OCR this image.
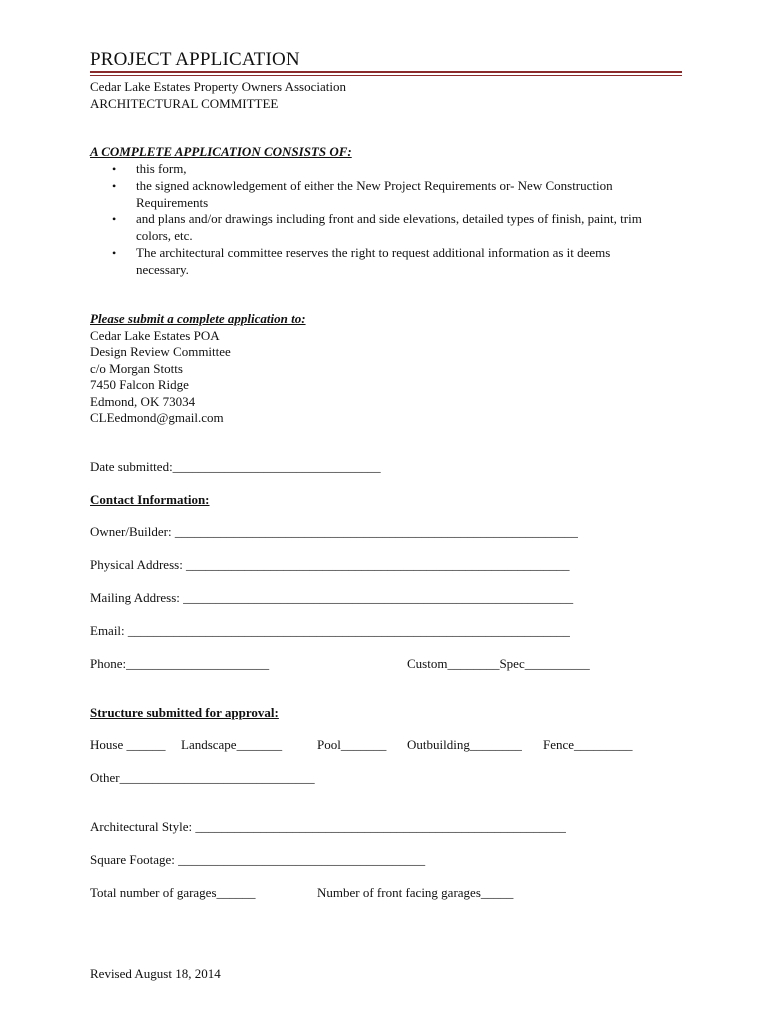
PROJECT APPLICATION
Cedar Lake Estates Property Owners Association
ARCHITECTURAL COMMITTEE
A COMPLETE APPLICATION CONSISTS OF:
• this form,
• the signed acknowledgement of either the New Project Requirements or- New Construction
Requirements
• and plans and/or drawings including front and side elevations, detailed types of finish, paint, trim
colors, etc.
• The architectural committee reserves the right to request additional information as it deems
necessary.
Please submit a complete application to:
Cedar Lake Estates POA
Design Review Committee
c/o Morgan Stotts
7450 Falcon Ridge
Edmond, OK 73034
CLEedmond@gmail.com
Date submitted:________________________________
Contact Information:
Owner/Builder: ______________________________________________________________
Physical Address: ___________________________________________________________
Mailing Address: ____________________________________________________________
Email: ____________________________________________________________________
Phone:______________________	Custom________Spec__________
Structure submitted for approval:
House ______ Landscape_______	Pool_______ Outbuilding________ Fence_________
Other______________________________
Architectural Style: _________________________________________________________
Square Footage: ______________________________________
Total number of garages______	Number of front facing garages_____
Revised August 18, 2014
